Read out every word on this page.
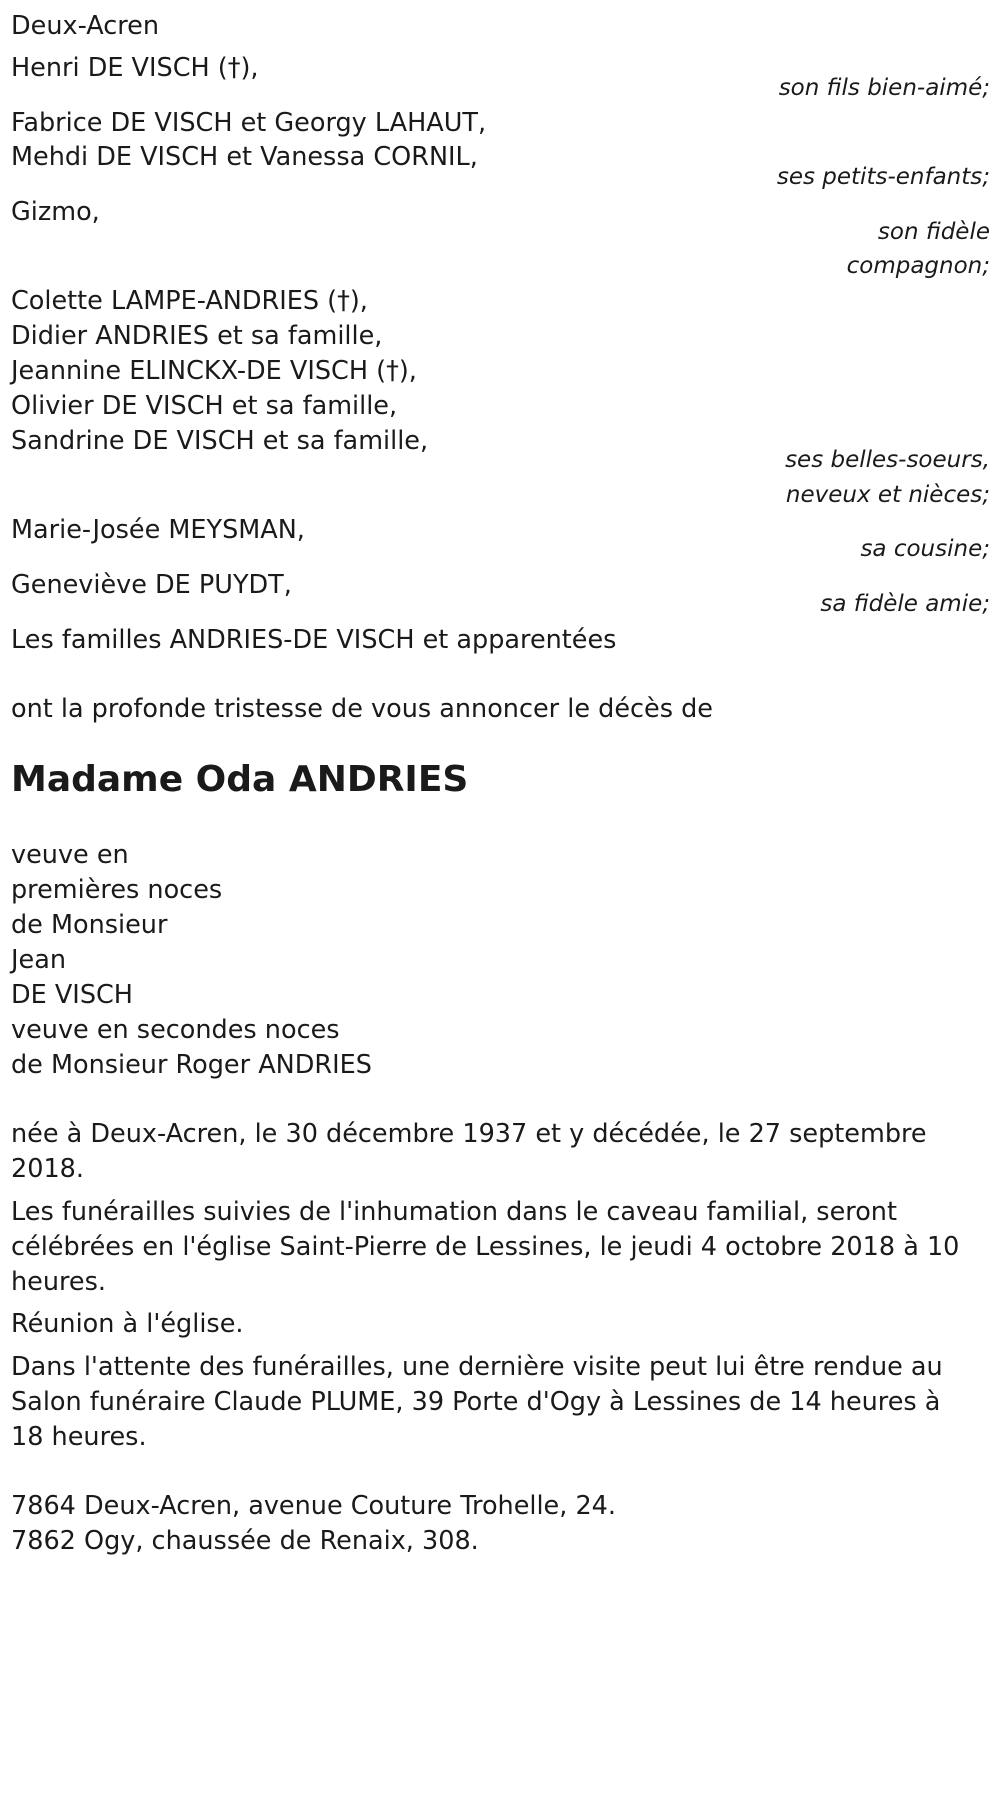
Deux-Acren
Henri DE VISCH (†),
son fils bien-aimé;
Fabrice DE VISCH et Georgy LAHAUT,
Mehdi DE VISCH et Vanessa CORNIL,
ses petits-enfants;
Gizmo,
son fidèle
compagnon;
Colette LAMPE-ANDRIES (†),
Didier ANDRIES et sa famille,
Jeannine ELINCKX-DE VISCH (†),
Olivier DE VISCH et sa famille,
Sandrine DE VISCH et sa famille,
ses belles-soeurs,
neveux et nièces;
Marie-Josée MEYSMAN,
sa cousine;
Geneviève DE PUYDT,
sa fidèle amie;
Les familles ANDRIES-DE VISCH et apparentées
ont la profonde tristesse de vous annoncer le décès de
Madame Oda ANDRIES
veuve en
premières noces
de Monsieur
Jean
DE VISCH
veuve en secondes noces
de Monsieur Roger ANDRIES
née à Deux-Acren, le 30 décembre 1937 et y décédée, le 27 septembre
2018.
Les funérailles suivies de l'inhumation dans le caveau familial, seront
célébrées en l'église Saint-Pierre de Lessines, le jeudi 4 octobre 2018 à 10
heures.
Réunion à l'église.
Dans l'attente des funérailles, une dernière visite peut lui être rendue au
Salon funéraire Claude PLUME, 39 Porte d'Ogy à Lessines de 14 heures à
18 heures.
7864 Deux-Acren, avenue Couture Trohelle, 24.
7862 Ogy, chaussée de Renaix, 308.
